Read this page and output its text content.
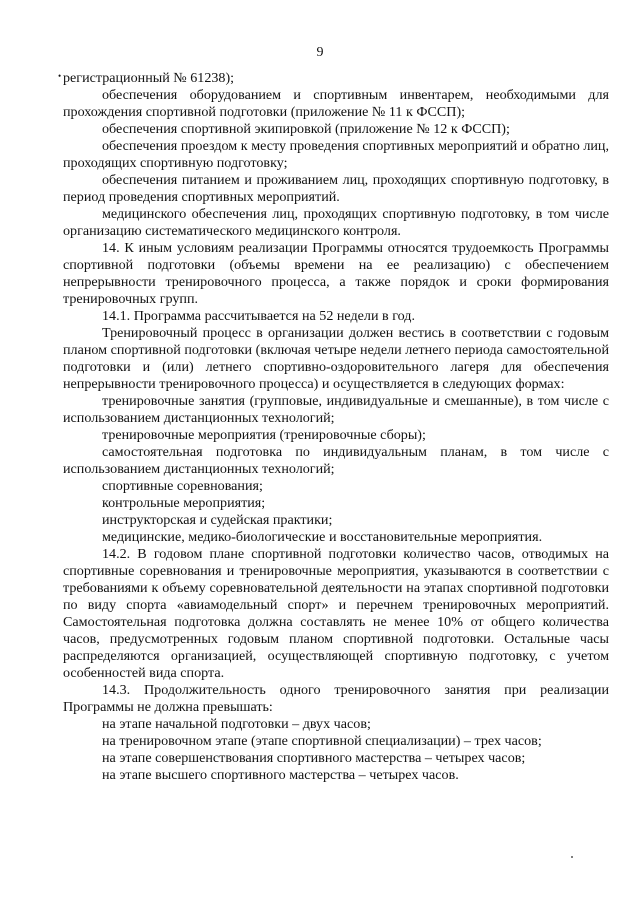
9

• регистрационный № 61238);

обеспечения оборудованием и спортивным инвентарем, необходимыми для прохождения спортивной подготовки (приложение № 11 к ФССП);

обеспечения спортивной экипировкой (приложение № 12 к ФССП);

обеспечения проездом к месту проведения спортивных мероприятий и обратно лиц, проходящих спортивную подготовку;

обеспечения питанием и проживанием лиц, проходящих спортивную подготовку, в период проведения спортивных мероприятий.

медицинского обеспечения лиц, проходящих спортивную подготовку, в том числе организацию систематического медицинского контроля.

14. К иным условиям реализации Программы относятся трудоемкость Программы спортивной подготовки (объемы времени на ее реализацию) с обеспечением непрерывности тренировочного процесса, а также порядок и сроки формирования тренировочных групп.

14.1. Программа рассчитывается на 52 недели в год.

Тренировочный процесс в организации должен вестись в соответствии с годовым планом спортивной подготовки (включая четыре недели летнего периода самостоятельной подготовки и (или) летнего спортивно-оздоровительного лагеря для обеспечения непрерывности тренировочного процесса) и осуществляется в следующих формах:

тренировочные занятия (групповые, индивидуальные и смешанные), в том числе с использованием дистанционных технологий;

тренировочные мероприятия (тренировочные сборы);

самостоятельная подготовка по индивидуальным планам, в том числе с использованием дистанционных технологий;

спортивные соревнования;

контрольные мероприятия;

инструкторская и судейская практики;

медицинские, медико-биологические и восстановительные мероприятия.

14.2. В годовом плане спортивной подготовки количество часов, отводимых на спортивные соревнования и тренировочные мероприятия, указываются в соответствии с требованиями к объему соревновательной деятельности на этапах спортивной подготовки по виду спорта «авиамодельный спорт» и перечнем тренировочных мероприятий. Самостоятельная подготовка должна составлять не менее 10% от общего количества часов, предусмотренных годовым планом спортивной подготовки. Остальные часы распределяются организацией, осуществляющей спортивную подготовку, с учетом особенностей вида спорта.

14.3. Продолжительность одного тренировочного занятия при реализации Программы не должна превышать:

на этапе начальной подготовки – двух часов;

на тренировочном этапе (этапе спортивной специализации) – трех часов;

на этапе совершенствования спортивного мастерства – четырех часов;

на этапе высшего спортивного мастерства – четырех часов.
